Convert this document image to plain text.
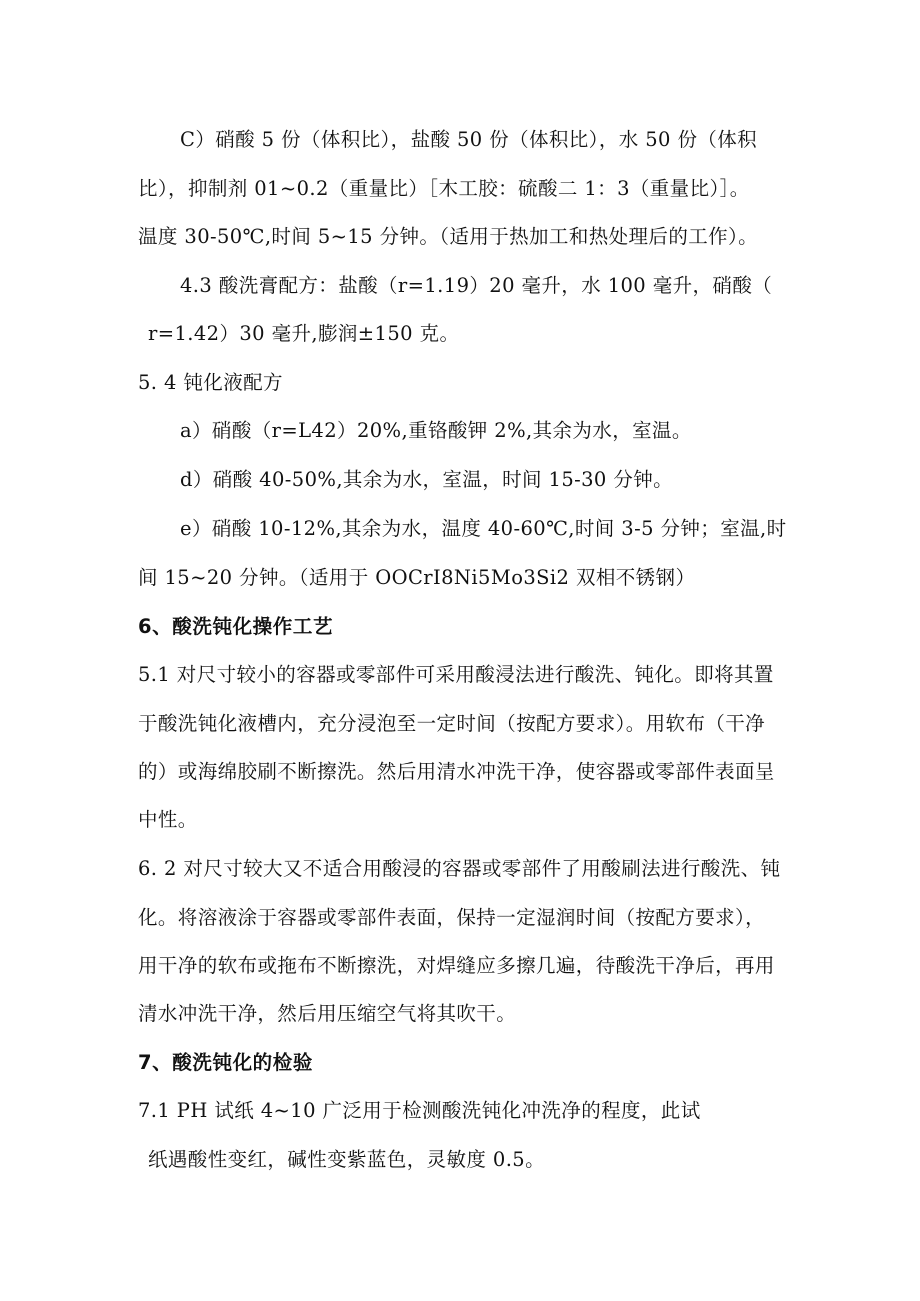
C）硝酸 5 份（体积比），盐酸 50 份（体积比），水 50 份（体积
比），抑制剂 01~0.2（重量比）［木工胶：硫酸二 1：3（重量比）］。
温度 30-50℃,时间 5~15 分钟。（适用于热加工和热处理后的工作）。
4.3 酸洗膏配方：盐酸（r=1.19）20 毫升，水 100 毫升，硝酸（
r=1.42）30 毫升,膨润±150 克。
5. 4 钝化液配方
a）硝酸（r=L42）20%,重铬酸钾 2%,其余为水，室温。
d）硝酸 40-50%,其余为水，室温，时间 15-30 分钟。
e）硝酸 10-12%,其余为水，温度 40-60℃,时间 3-5 分钟；室温,时
间 15~20 分钟。（适用于 OOCrI8Ni5Mo3Si2 双相不锈钢）
6、酸洗钝化操作工艺
5.1 对尺寸较小的容器或零部件可采用酸浸法进行酸洗、钝化。即将其置
于酸洗钝化液槽内，充分浸泡至一定时间（按配方要求）。用软布（干净
的）或海绵胶刷不断擦洗。然后用清水冲洗干净，使容器或零部件表面呈
中性。
6. 2 对尺寸较大又不适合用酸浸的容器或零部件了用酸刷法进行酸洗、钝
化。将溶液涂于容器或零部件表面，保持一定湿润时间（按配方要求），
用干净的软布或拖布不断擦洗，对焊缝应多擦几遍，待酸洗干净后，再用
清水冲洗干净，然后用压缩空气将其吹干。
7、酸洗钝化的检验
7.1 PH 试纸 4~10 广泛用于检测酸洗钝化冲洗净的程度，此试
纸遇酸性变红，碱性变紫蓝色，灵敏度 0.5。
